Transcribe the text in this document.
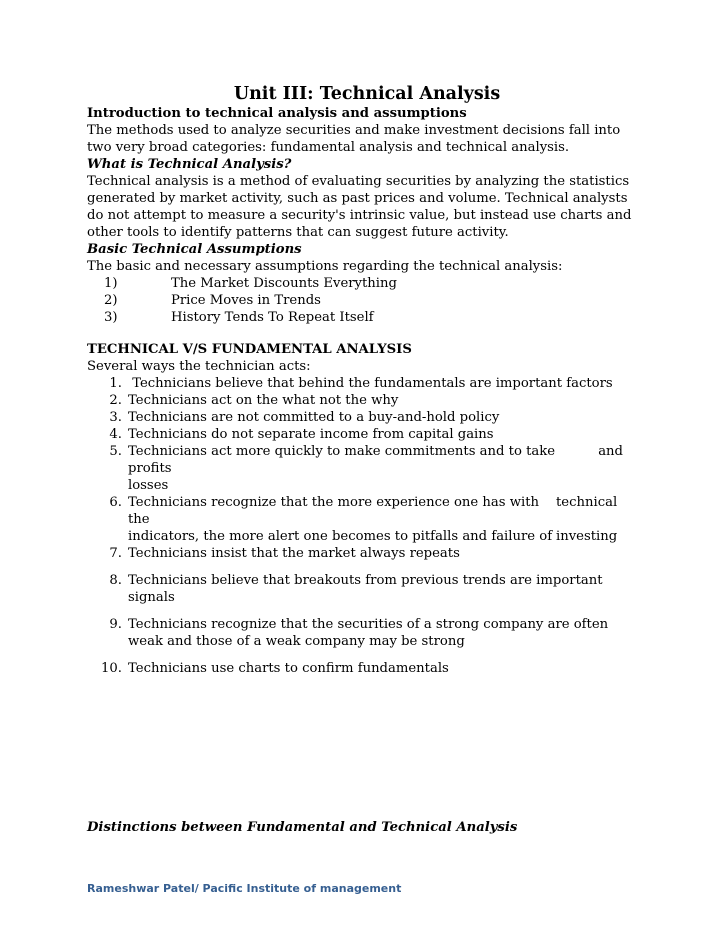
Unit III: Technical Analysis

Introduction to technical analysis and assumptions

The methods used to analyze securities and make investment decisions fall into two very broad categories: fundamental analysis and technical analysis.

What is Technical Analysis?

Technical analysis is a method of evaluating securities by analyzing the statistics generated by market activity, such as past prices and volume. Technical analysts do not attempt to measure a security's intrinsic value, but instead use charts and other tools to identify patterns that can suggest future activity.

Basic Technical Assumptions

The basic and necessary assumptions regarding the technical analysis:

1)	The Market Discounts Everything
2)	Price Moves in Trends
3)	History Tends To Repeat Itself

TECHNICAL V/S FUNDAMENTAL ANALYSIS

Several ways the technician acts:

1. Technicians believe that behind the fundamentals are important factors
2. Technicians act on the what not the why
3. Technicians are not committed to a buy-and-hold policy
4. Technicians do not separate income from capital gains
5. Technicians act more quickly to make commitments and to take profits
and
losses
6. Technicians recognize that the more experience one has with the
technical
indicators, the more alert one becomes to pitfalls and failure of investing
7. Technicians insist that the market always repeats
8. Technicians believe that breakouts from previous trends are important signals
9. Technicians recognize that the securities of a strong company are often weak and those of a weak company may be strong
10. Technicians use charts to confirm fundamentals
Distinctions between Fundamental and Technical Analysis
Rameshwar Patel/ Pacific Institute of management
